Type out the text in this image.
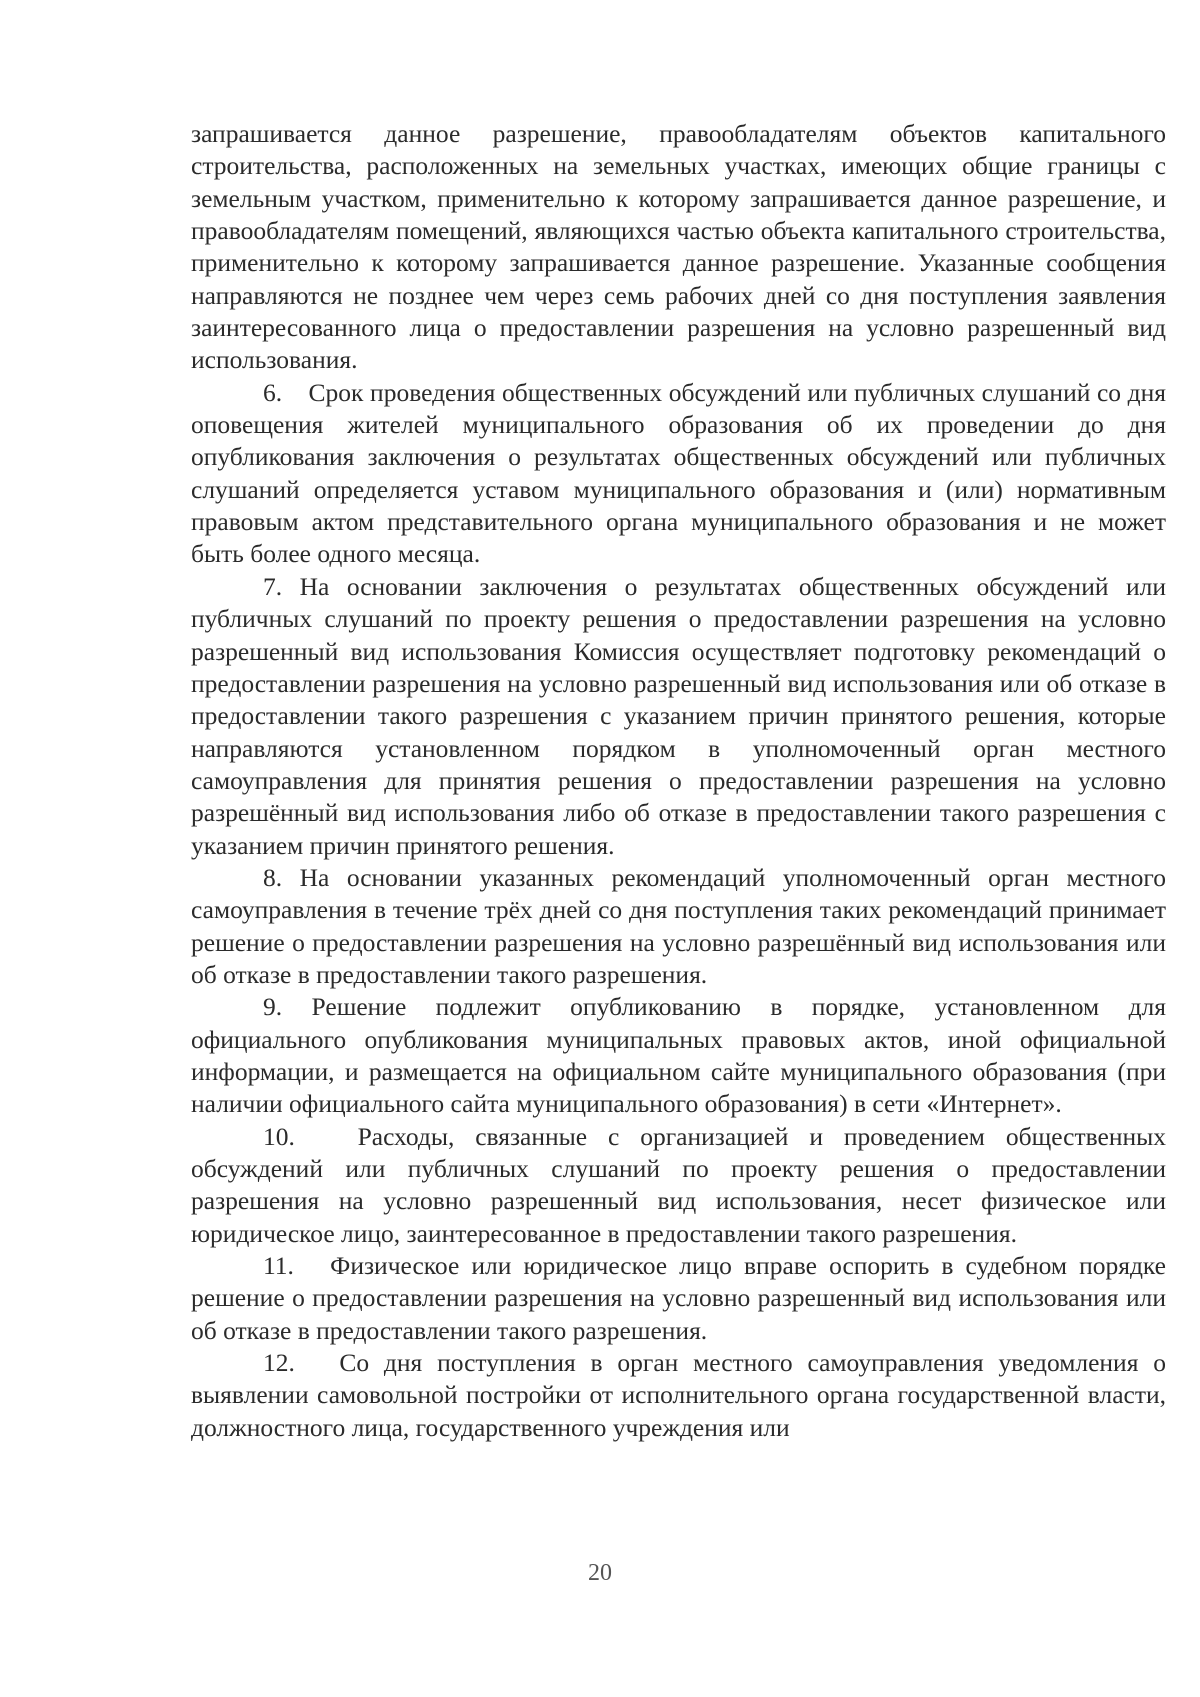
запрашивается данное разрешение, правообладателям объектов капитального строительства, расположенных на земельных участках, имеющих общие границы с земельным участком, применительно к которому запрашивается данное разрешение, и правообладателям помещений, являющихся частью объекта капитального строительства, применительно к которому запрашивается данное разрешение. Указанные сообщения направляются не позднее чем через семь рабочих дней со дня поступления заявления заинтересованного лица о предоставлении разрешения на условно разрешенный вид использования.

6.    Срок проведения общественных обсуждений или публичных слушаний со дня оповещения жителей муниципального образования об их проведении до дня опубликования заключения о результатах общественных обсуждений или публичных слушаний определяется уставом муниципального образования и (или) нормативным правовым актом представительного органа муниципального образования и не может быть более одного месяца.

7. На основании заключения о результатах общественных обсуждений или публичных слушаний по проекту решения о предоставлении разрешения на условно разрешенный вид использования Комиссия осуществляет подготовку рекомендаций о предоставлении разрешения на условно разрешенный вид использования или об отказе в предоставлении такого разрешения с указанием причин принятого решения, которые направляются установленном порядком в уполномоченный орган местного самоуправления для принятия решения о предоставлении разрешения на условно разрешённый вид использования либо об отказе в предоставлении такого разрешения с указанием причин принятого решения.

8. На основании указанных рекомендаций уполномоченный орган местного самоуправления в течение трёх дней со дня поступления таких рекомендаций принимает решение о предоставлении разрешения на условно разрешённый вид использования или об отказе в предоставлении такого разрешения.

9. Решение подлежит опубликованию в порядке, установленном для официального опубликования муниципальных правовых актов, иной официальной информации, и размещается на официальном сайте муниципального образования (при наличии официального сайта муниципального образования) в сети «Интернет».

10.   Расходы, связанные с организацией и проведением общественных обсуждений или публичных слушаний по проекту решения о предоставлении разрешения на условно разрешенный вид использования, несет физическое или юридическое лицо, заинтересованное в предоставлении такого разрешения.

11.   Физическое или юридическое лицо вправе оспорить в судебном порядке решение о предоставлении разрешения на условно разрешенный вид использования или об отказе в предоставлении такого разрешения.

12.   Со дня поступления в орган местного самоуправления уведомления о выявлении самовольной постройки от исполнительного органа государственной власти, должностного лица, государственного учреждения или

20
